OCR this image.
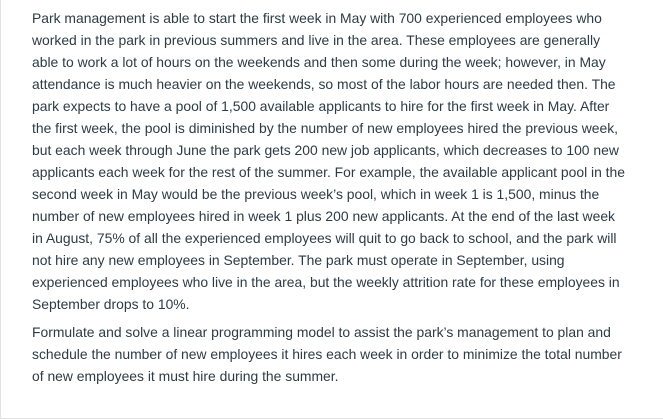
Park management is able to start the first week in May with 700 experienced employees who
worked in the park in previous summers and live in the area. These employees are generally
able to work a lot of hours on the weekends and then some during the week; however, in May
attendance is much heavier on the weekends, so most of the labor hours are needed then. The
park expects to have a pool of 1,500 available applicants to hire for the first week in May. After
the first week, the pool is diminished by the number of new employees hired the previous week,
but each week through June the park gets 200 new job applicants, which decreases to 100 new
applicants each week for the rest of the summer. For example, the available applicant pool in the
second week in May would be the previous week’s pool, which in week 1 is 1,500, minus the
number of new employees hired in week 1 plus 200 new applicants. At the end of the last week
in August, 75% of all the experienced employees will quit to go back to school, and the park will
not hire any new employees in September. The park must operate in September, using
experienced employees who live in the area, but the weekly attrition rate for these employees in
September drops to 10%.

Formulate and solve a linear programming model to assist the park’s management to plan and
schedule the number of new employees it hires each week in order to minimize the total number
of new employees it must hire during the summer.
